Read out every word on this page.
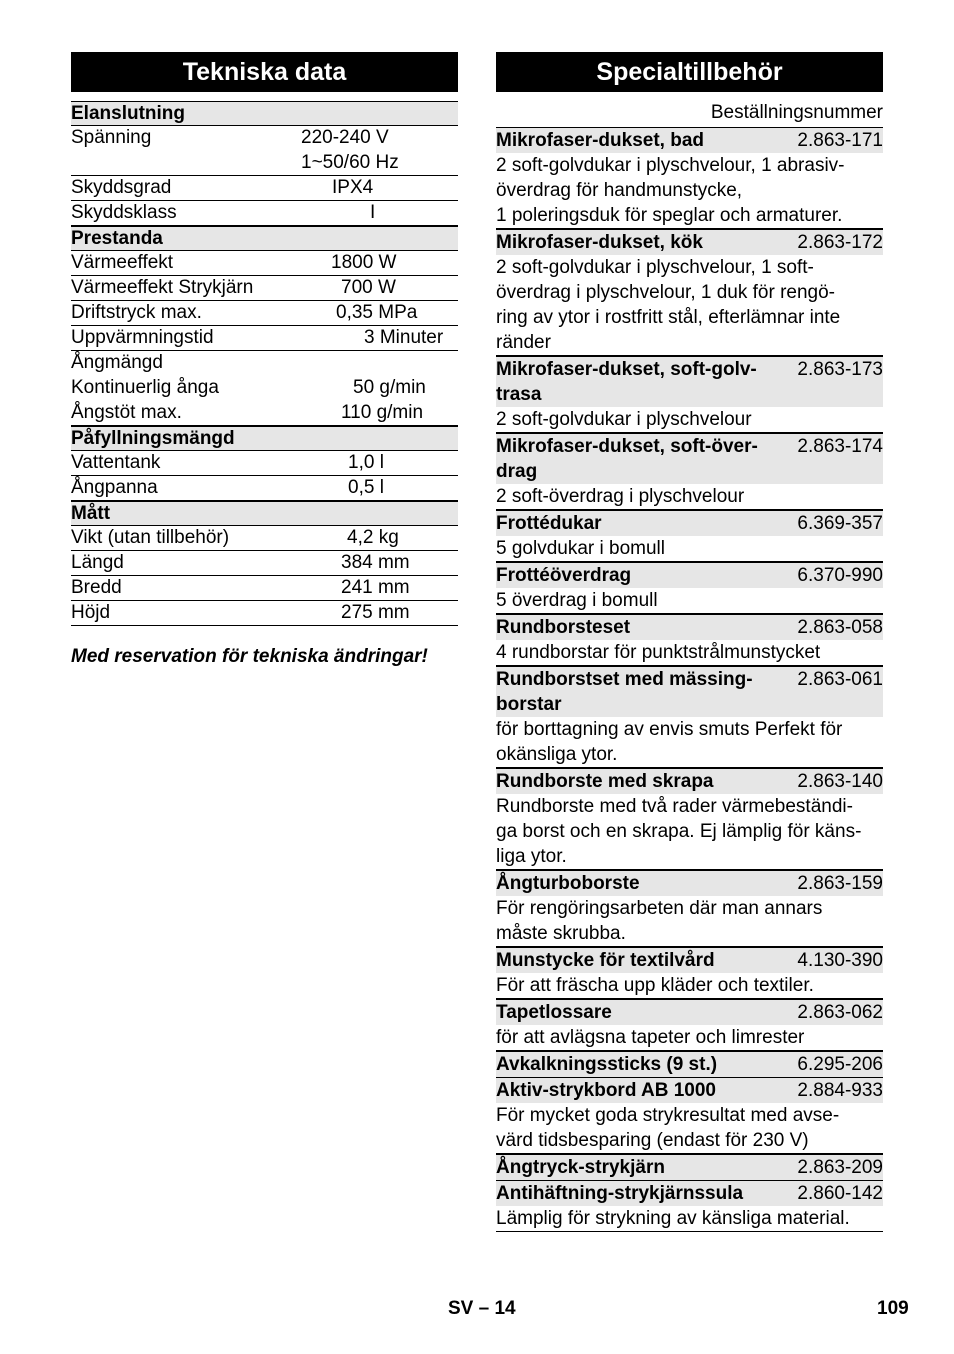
Tekniska data
Elanslutning
Spänning	220-240 V
1~50/60 Hz
Skyddsgrad	IPX4
Skyddsklass	I
Prestanda
Värmeeffekt	1800 W
Värmeeffekt Strykjärn	700 W
Driftstryck max.	0,35 MPa
Uppvärmningstid	3 Minuter
Ångmängd
Kontinuerlig ånga	50 g/min
Ångstöt max.	110 g/min
Påfyllningsmängd
Vattentank	1,0 l
Ångpanna	0,5 l
Mått
Vikt (utan tillbehör)	4,2 kg
Längd	384 mm
Bredd	241 mm
Höjd	275 mm
Med reservation för tekniska ändringar!
Specialtillbehör
Beställningsnummer
Mikrofaser-dukset, bad	2.863-171
2 soft-golvdukar i plyschvelour, 1 abrasiv-
överdrag för handmunstycke,
1 poleringsduk för speglar och armaturer.
Mikrofaser-dukset, kök	2.863-172
2 soft-golvdukar i plyschvelour, 1 soft-
överdrag i plyschvelour, 1 duk för rengö-
ring av ytor i rostfritt stål, efterlämnar inte
ränder
Mikrofaser-dukset, soft-golv-
trasa
2.863-173
2 soft-golvdukar i plyschvelour
Mikrofaser-dukset, soft-över-
drag
2.863-174
2 soft-överdrag i plyschvelour
Frottédukar	6.369-357
5 golvdukar i bomull
Frottéöverdrag	6.370-990
5 överdrag i bomull
Rundborsteset	2.863-058
4 rundborstar för punktstrålmunstycket
Rundborstset med mässing-
borstar
2.863-061
för borttagning av envis smuts Perfekt för
okänsliga ytor.
Rundborste med skrapa	2.863-140
Rundborste med två rader värmebeständi-
ga borst och en skrapa. Ej lämplig för käns-
liga ytor.
Ångturboborste	2.863-159
För rengöringsarbeten där man annars
måste skrubba.
Munstycke för textilvård	4.130-390
För att fräscha upp kläder och textiler.
Tapetlossare	2.863-062
för att avlägsna tapeter och limrester
Avkalkningssticks (9 st.)	6.295-206
Aktiv-strykbord AB 1000	2.884-933
För mycket goda strykresultat med avse-
värd tidsbesparing (endast för 230 V)
Ångtryck-strykjärn	2.863-209
Antihäftning-strykjärnssula	2.860-142
Lämplig för strykning av känsliga material.
SV – 14	109
